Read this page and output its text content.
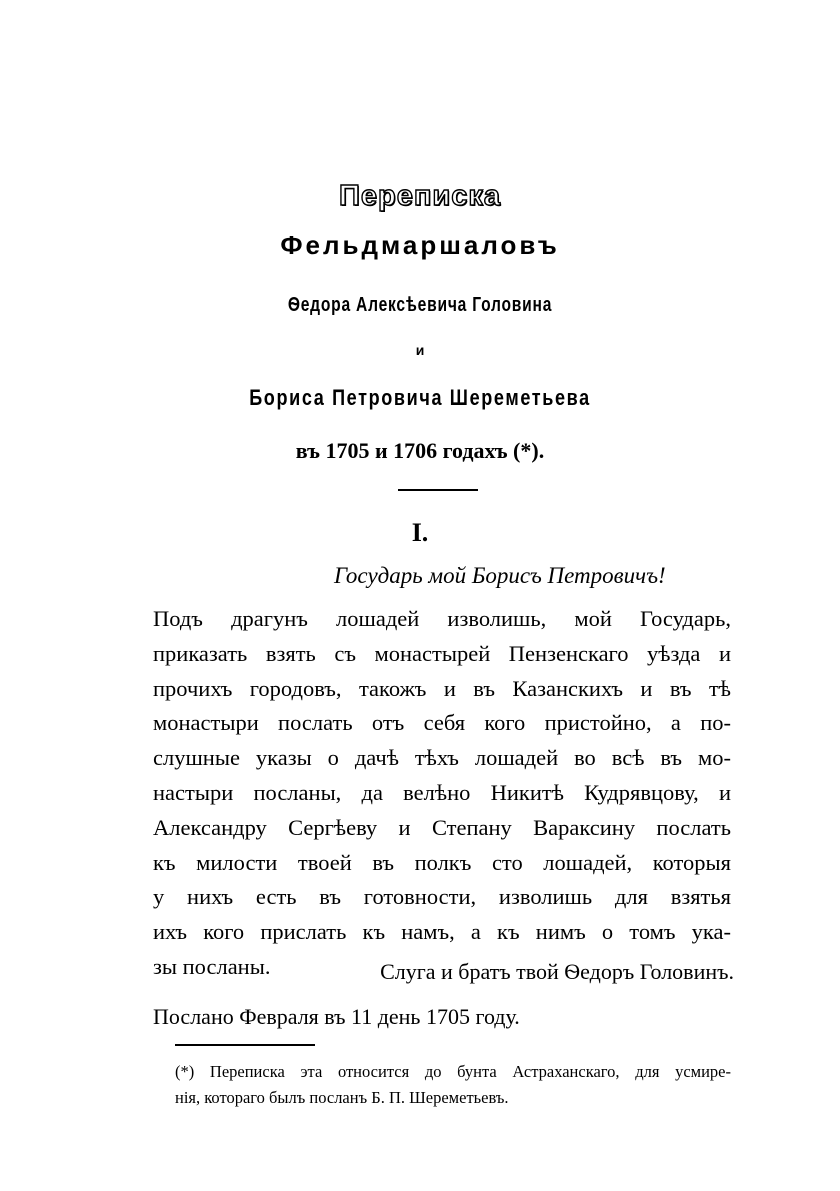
Переписка
Фельдмаршаловъ
Ѳедора Алексѣевича Головина
и
Бориса Петровича Шереметьева
въ 1705 и 1706 годахъ (*).
I.
Государь мой Борисъ Петровичъ!
Подъ драгунъ лошадей изволишь, мой Государь,
приказать взять съ монастырей Пензенскаго уѣзда и
прочихъ городовъ, такожъ и въ Казанскихъ и въ тѣ
монастыри послать отъ себя кого пристойно, а по-
слушные указы о дачѣ тѣхъ лошадей во всѣ въ мо-
настыри посланы, да велѣно Никитѣ Кудрявцову, и
Александру Сергѣеву и Степану Вараксину послать
къ милости твоей въ полкъ сто лошадей, которыя
у нихъ есть въ готовности, изволишь для взятья
ихъ кого прислать къ намъ, а къ нимъ о томъ ука-
зы посланы.	Слуга и братъ твой Ѳедоръ Головинъ.
Послано Февраля въ 11 день 1705 году.
(*) Переписка эта относится до бунта Астраханскаго, для усмире-
нія, котораго былъ посланъ Б. П. Шереметьевъ.
